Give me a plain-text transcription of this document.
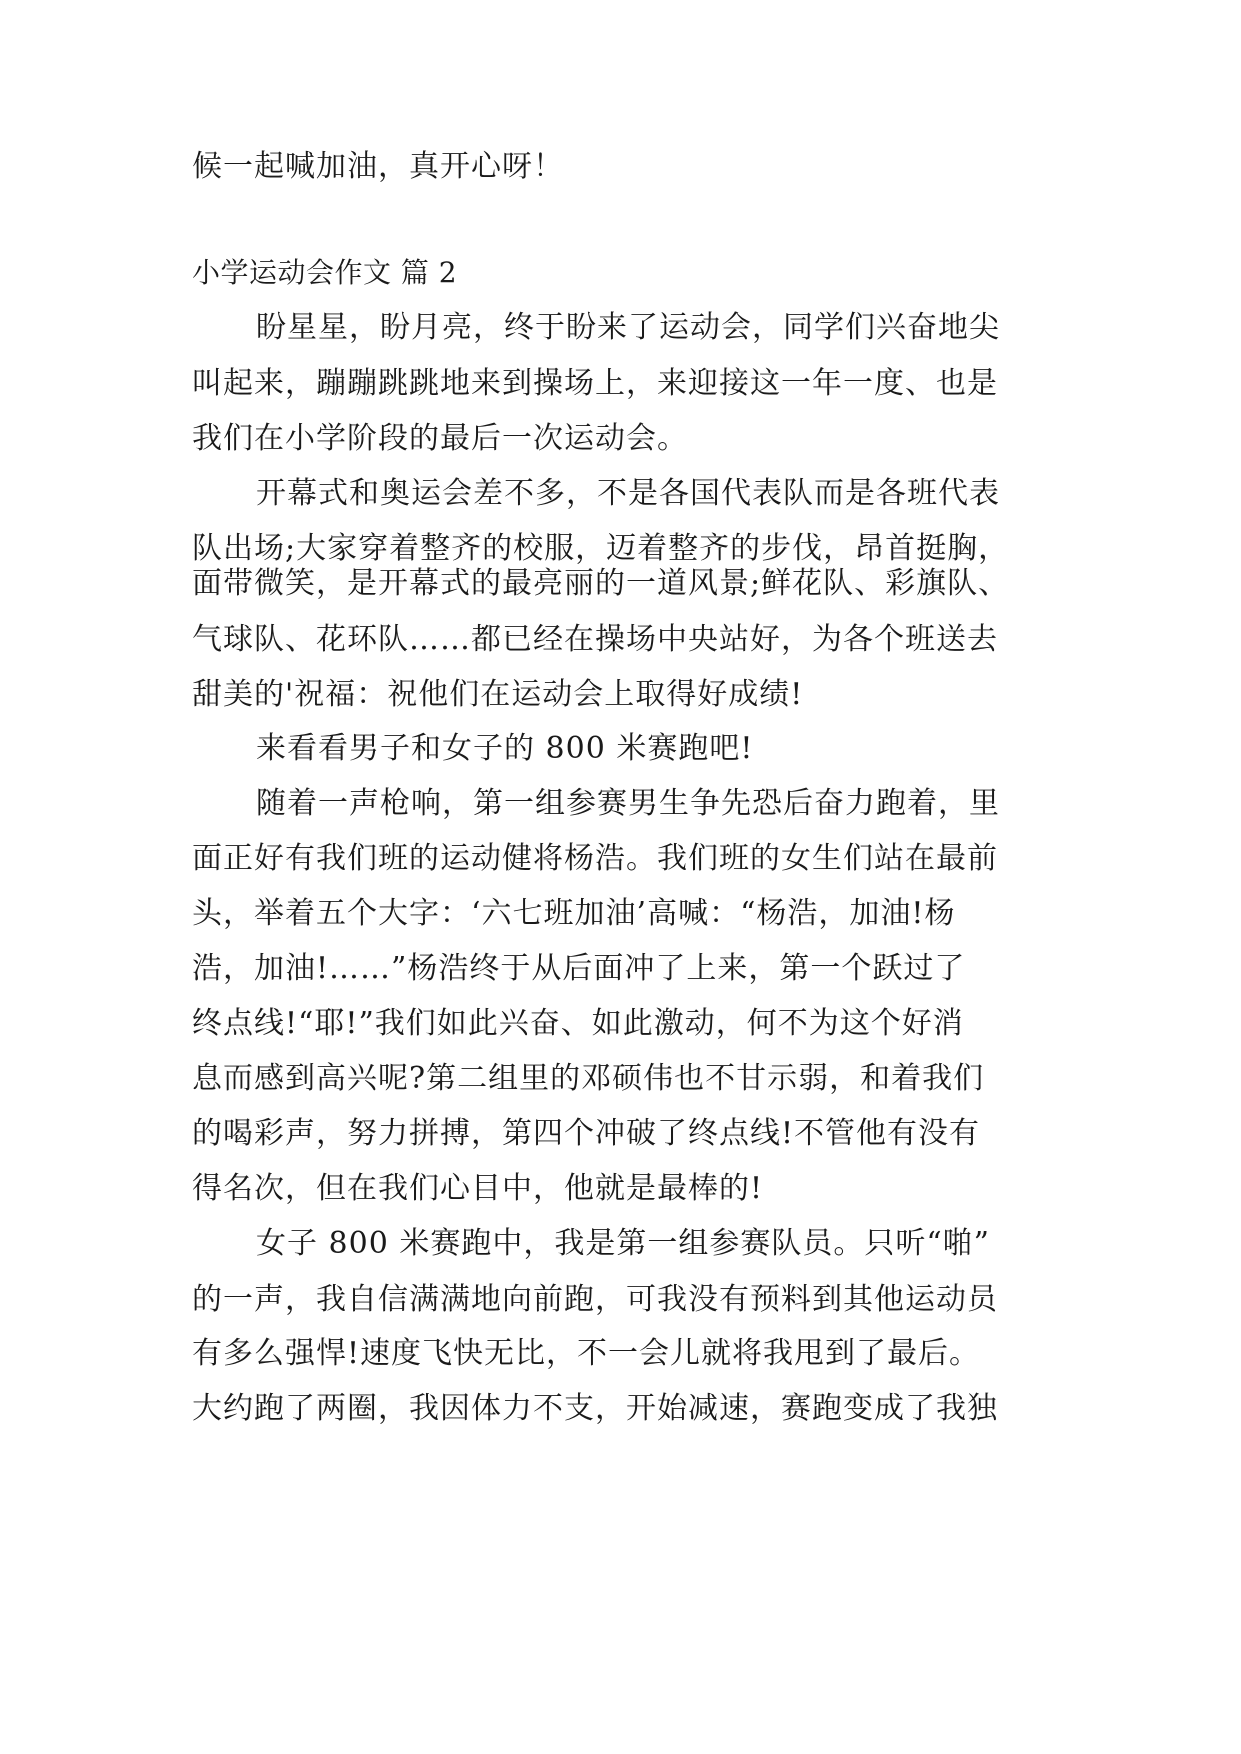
候一起喊加油，真开心呀！
小学运动会作文 篇 2
盼星星，盼月亮，终于盼来了运动会，同学们兴奋地尖
叫起来，蹦蹦跳跳地来到操场上，来迎接这一年一度、也是
我们在小学阶段的最后一次运动会。
开幕式和奥运会差不多，不是各国代表队而是各班代表
队出场;大家穿着整齐的校服，迈着整齐的步伐，昂首挺胸，
面带微笑，是开幕式的最亮丽的一道风景;鲜花队、彩旗队、
气球队、花环队……都已经在操场中央站好，为各个班送去
甜美的'祝福：祝他们在运动会上取得好成绩!
来看看男子和女子的 800 米赛跑吧!
随着一声枪响，第一组参赛男生争先恐后奋力跑着，里
面正好有我们班的运动健将杨浩。我们班的女生们站在最前
头，举着五个大字：‘六七班加油’高喊：“杨浩，加油!杨
浩，加油!……”杨浩终于从后面冲了上来，第一个跃过了
终点线!“耶!”我们如此兴奋、如此激动，何不为这个好消
息而感到高兴呢?第二组里的邓硕伟也不甘示弱，和着我们
的喝彩声，努力拼搏，第四个冲破了终点线!不管他有没有
得名次，但在我们心目中，他就是最棒的!
女子 800 米赛跑中，我是第一组参赛队员。只听“啪”
的一声，我自信满满地向前跑，可我没有预料到其他运动员
有多么强悍!速度飞快无比，不一会儿就将我甩到了最后。
大约跑了两圈，我因体力不支，开始减速，赛跑变成了我独
